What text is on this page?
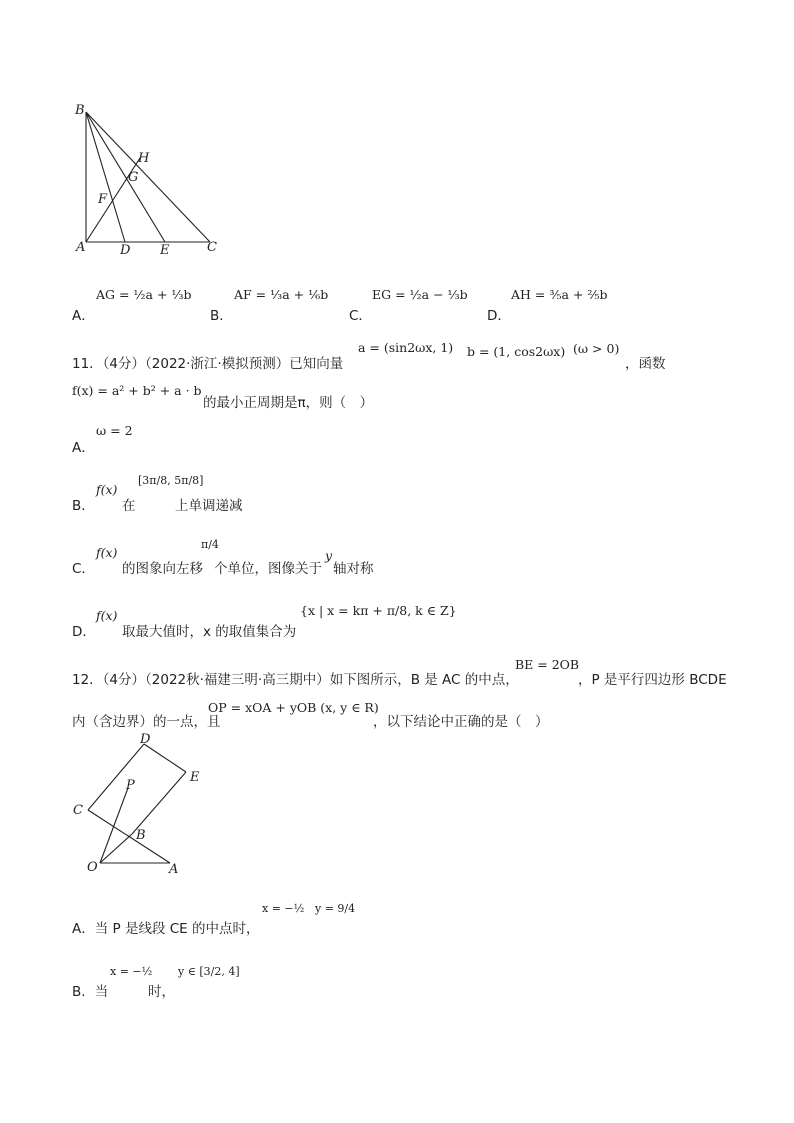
B
H
G
F
A	D E	C
A．
AG = ½a + ⅓b
B．
AF = ⅓a + ⅙b
C．
EG = ½a − ⅓b
D．
AH = ⅗a + ⅖b
11．（4分）（2022·浙江·模拟预测）已知向量
a = (sin2ωx, 1) b = (1, cos2ωx) (ω > 0)
，函数
f(x) = a² + b² + a · b
的最小正周期是π，则（　）
A．
ω = 2
B．
f(x)
在
[3π/8, 5π/8]
上单调递减
C．
f(x)
的图象向左移
π/4
个单位，图像关于
y
轴对称
D．
f(x)
取最大值时，x 的取值集合为
{x | x = kπ + π/8, k ∈ Z}
12．（4分）（2022秋·福建三明·高三期中）如下图所示，B 是 AC 的中点，
BE = 2OB
，P 是平行四边形 BCDE
内（含边界）的一点，且
OP = xOA + yOB (x, y ∈ R)
，以下结论中正确的是（　）
D
E
C
P
B
O	A
A．当 P 是线段 CE 的中点时，
x = −½ y = 9/4
B．当
x = −½
时，
y ∈ [3/2, 4]
